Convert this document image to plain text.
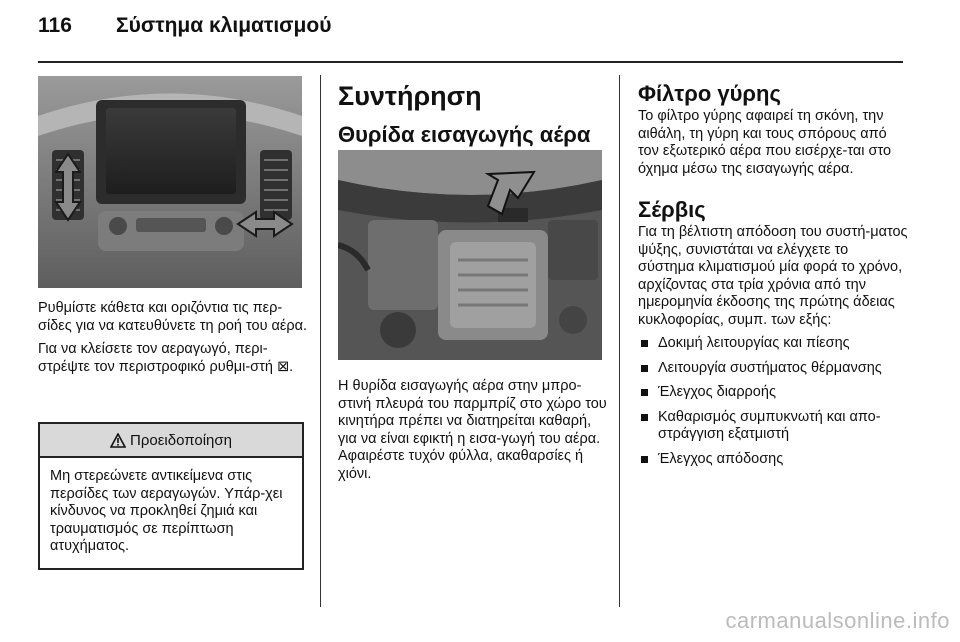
116	Σύστημα κλιματισμού

Ρυθμίστε κάθετα και οριζόντια τις περ-σίδες για να κατευθύνετε τη ροή του αέρα.

Για να κλείσετε τον αεραγωγό, περι-στρέψτε τον περιστροφικό ρυθμι-στή ⊠.

Προειδοποίηση
Μη στερεώνετε αντικείμενα στις περσίδες των αεραγωγών. Υπάρ-χει κίνδυνος να προκληθεί ζημιά και τραυματισμός σε περίπτωση ατυχήματος.
Συντήρηση
Θυρίδα εισαγωγής αέρα
Η θυρίδα εισαγωγής αέρα στην μπρο-στινή πλευρά του παρμπρίζ στο χώρο του κινητήρα πρέπει να διατηρείται καθαρή, για να είναι εφικτή η εισα-γωγή του αέρα. Αφαιρέστε τυχόν φύλλα, ακαθαρσίες ή χιόνι.
Φίλτρο γύρης

Το φίλτρο γύρης αφαιρεί τη σκόνη, την αιθάλη, τη γύρη και τους σπόρους από τον εξωτερικό αέρα που εισέρχε-ται στο όχημα μέσω της εισαγωγής αέρα.

Σέρβις

Για τη βέλτιστη απόδοση του συστή-ματος ψύξης, συνιστάται να ελέγχετε το σύστημα κλιματισμού μία φορά το χρόνο, αρχίζοντας στα τρία χρόνια από την ημερομηνία έκδοσης της πρώτης άδειας κυκλοφορίας, συμπ. των εξής:

Δοκιμή λειτουργίας και πίεσης
Λειτουργία συστήματος θέρμανσης
Έλεγχος διαρροής
Καθαρισμός συμπυκνωτή και απο-στράγγιση εξατμιστή
Έλεγχος απόδοσης
carmanualsonline.info
